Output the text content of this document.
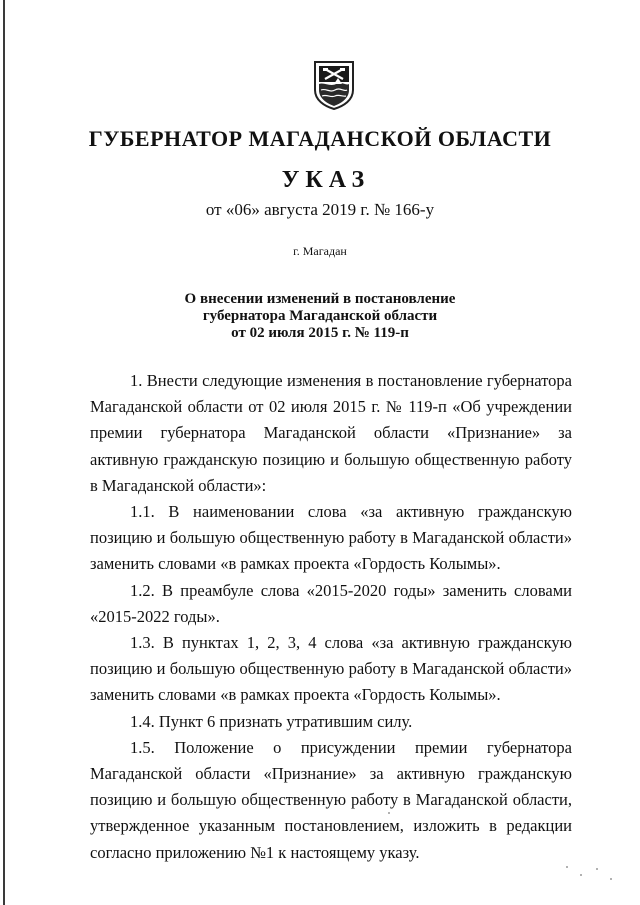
ГУБЕРНАТОР МАГАДАНСКОЙ ОБЛАСТИ
УКАЗ
от «06» августа 2019 г. № 166-у
г. Магадан
О внесении изменений в постановление
губернатора Магаданской области
от 02 июля 2015 г. № 119-п

1. Внести следующие изменения в постановление губернатора Магаданской области от 02 июля 2015 г. № 119-п «Об учреждении премии губернатора Магаданской области «Признание» за активную гражданскую позицию и большую общественную работу в Магаданской области»:

1.1. В наименовании слова «за активную гражданскую позицию и большую общественную работу в Магаданской области» заменить словами «в рамках проекта «Гордость Колымы».

1.2. В преамбуле слова «2015-2020 годы» заменить словами «2015-2022 годы».

1.3. В пунктах 1, 2, 3, 4 слова «за активную гражданскую позицию и большую общественную работу в Магаданской области» заменить словами «в рамках проекта «Гордость Колымы».

1.4. Пункт 6 признать утратившим силу.

1.5. Положение о присуждении премии губернатора Магаданской области «Признание» за активную гражданскую позицию и большую общественную работу в Магаданской области, утвержденное указанным постановлением, изложить в редакции согласно приложению №1 к настоящему указу.
